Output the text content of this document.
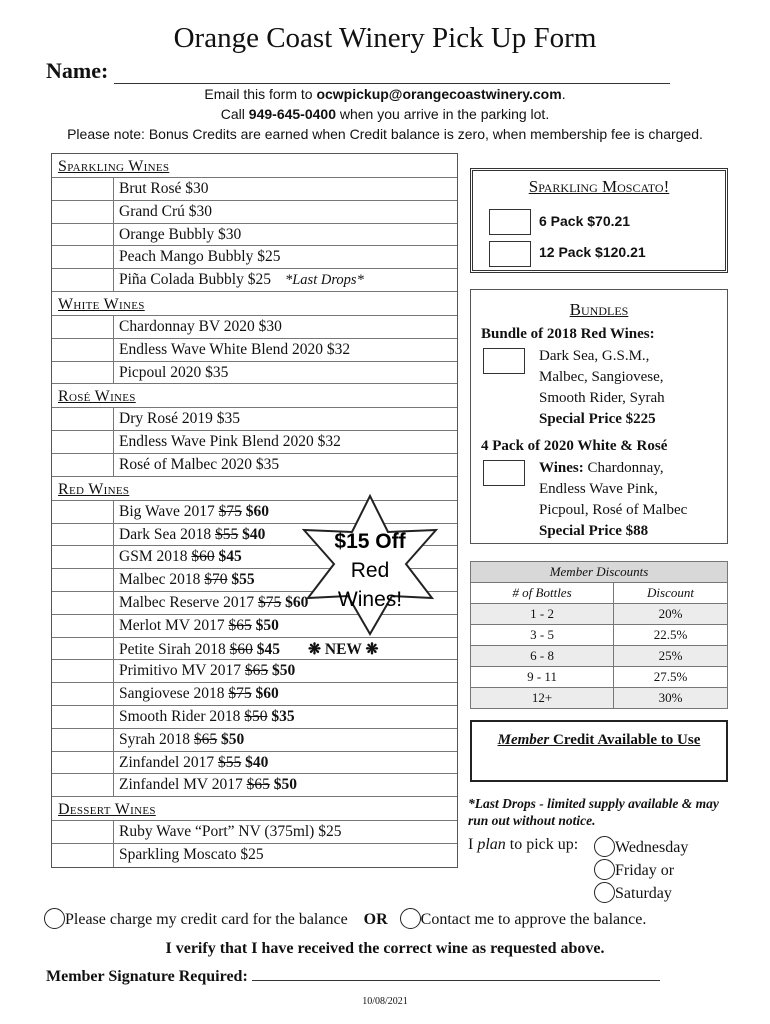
Orange Coast Winery Pick Up Form
Name:
Email this form to ocwpickup@orangecoastwinery.com.
Call 949-645-0400 when you arrive in the parking lot.
Please note: Bonus Credits are earned when Credit balance is zero, when membership fee is charged.
Sparkling Wines
Brut Rosé $30
Grand Crú $30
Orange Bubbly $30
Peach Mango Bubbly $25
Piña Colada Bubbly $25 *Last Drops*
White Wines
Chardonnay BV 2020 $30
Endless Wave White Blend 2020 $32
Picpoul 2020 $35
Rosé Wines
Dry Rosé 2019 $35
Endless Wave Pink Blend 2020 $32
Rosé of Malbec 2020 $35
Red Wines
Big Wave 2017 $75 $60
Dark Sea 2018 $55 $40
GSM 2018 $60 $45
Malbec 2018 $70 $55
Malbec Reserve 2017 $75 $60
Merlot MV 2017 $65 $50
Petite Sirah 2018 $60 $45 ❋ NEW ❋
Primitivo MV 2017 $65 $50
Sangiovese 2018 $75 $60
Smooth Rider 2018 $50 $35
Syrah 2018 $65 $50
Zinfandel 2017 $55 $40
Zinfandel MV 2017 $65 $50
Dessert Wines
Ruby Wave “Port” NV (375ml) $25
Sparkling Moscato $25
$15 Off
Red
Wines!
Sparkling Moscato!
6 Pack $70.21
12 Pack $120.21
Bundles
Bundle of 2018 Red Wines:
Dark Sea, G.S.M.,
Malbec, Sangiovese,
Smooth Rider, Syrah
Special Price $225
4 Pack of 2020 White & Rosé
Wines: Chardonnay,
Endless Wave Pink,
Picpoul, Rosé of Malbec
Special Price $88
Member Discounts	
# of Bottles	Discount
1 - 2	20%
3 - 5	22.5%
6 - 8	25%
9 - 11	27.5%
12+	30%
Member Credit Available to Use
*Last Drops - limited supply available & may run out without notice.
I plan to pick up:	Wednesday
Friday or
Saturday
Please charge my credit card for the balance OR Contact me to approve the balance.
I verify that I have received the correct wine as requested above.
Member Signature Required:
10/08/2021
